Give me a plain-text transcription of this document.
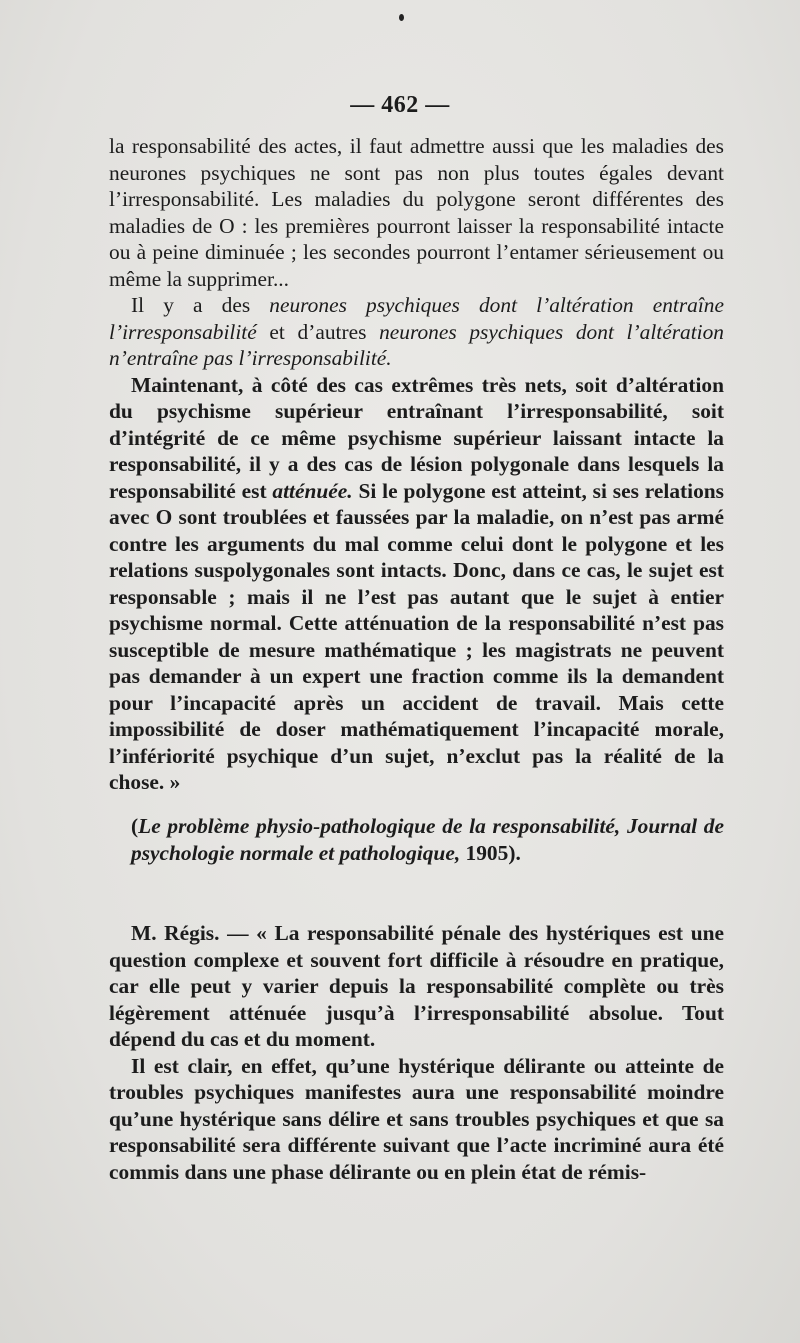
— 462 —

la responsabilité des actes, il faut admettre aussi que les maladies des neurones psychiques ne sont pas non plus toutes égales devant l’irresponsabilité. Les maladies du polygone seront différentes des maladies de O : les premières pourront laisser la responsabilité intacte ou à peine diminuée ; les secondes pourront l’entamer sérieusement ou même la supprimer...

Il y a des neurones psychiques dont l’altération entraîne l’irresponsabilité et d’autres neurones psychiques dont l’altération n’entraîne pas l’irresponsabilité.

Maintenant, à côté des cas extrêmes très nets, soit d’altération du psychisme supérieur entraînant l’irresponsabilité, soit d’intégrité de ce même psychisme supérieur laissant intacte la responsabilité, il y a des cas de lésion polygonale dans lesquels la responsabilité est atténuée. Si le polygone est atteint, si ses relations avec O sont troublées et faussées par la maladie, on n’est pas armé contre les arguments du mal comme celui dont le polygone et les relations suspolygonales sont intacts. Donc, dans ce cas, le sujet est responsable ; mais il ne l’est pas autant que le sujet à entier psychisme normal. Cette atténuation de la responsabilité n’est pas susceptible de mesure mathématique ; les magistrats ne peuvent pas demander à un expert une fraction comme ils la demandent pour l’incapacité après un accident de travail. Mais cette impossibilité de doser mathématiquement l’incapacité morale, l’infériorité psychique d’un sujet, n’exclut pas la réalité de la chose. »

(Le problème physio-pathologique de la responsabilité, Journal de psychologie normale et pathologique, 1905).

M. Régis. — « La responsabilité pénale des hystériques est une question complexe et souvent fort difficile à résoudre en pratique, car elle peut y varier depuis la responsabilité complète ou très légèrement atténuée jusqu’à l’irresponsabilité absolue. Tout dépend du cas et du moment.

Il est clair, en effet, qu’une hystérique délirante ou atteinte de troubles psychiques manifestes aura une responsabilité moindre qu’une hystérique sans délire et sans troubles psychiques et que sa responsabilité sera différente suivant que l’acte incriminé aura été commis dans une phase délirante ou en plein état de rémis-
